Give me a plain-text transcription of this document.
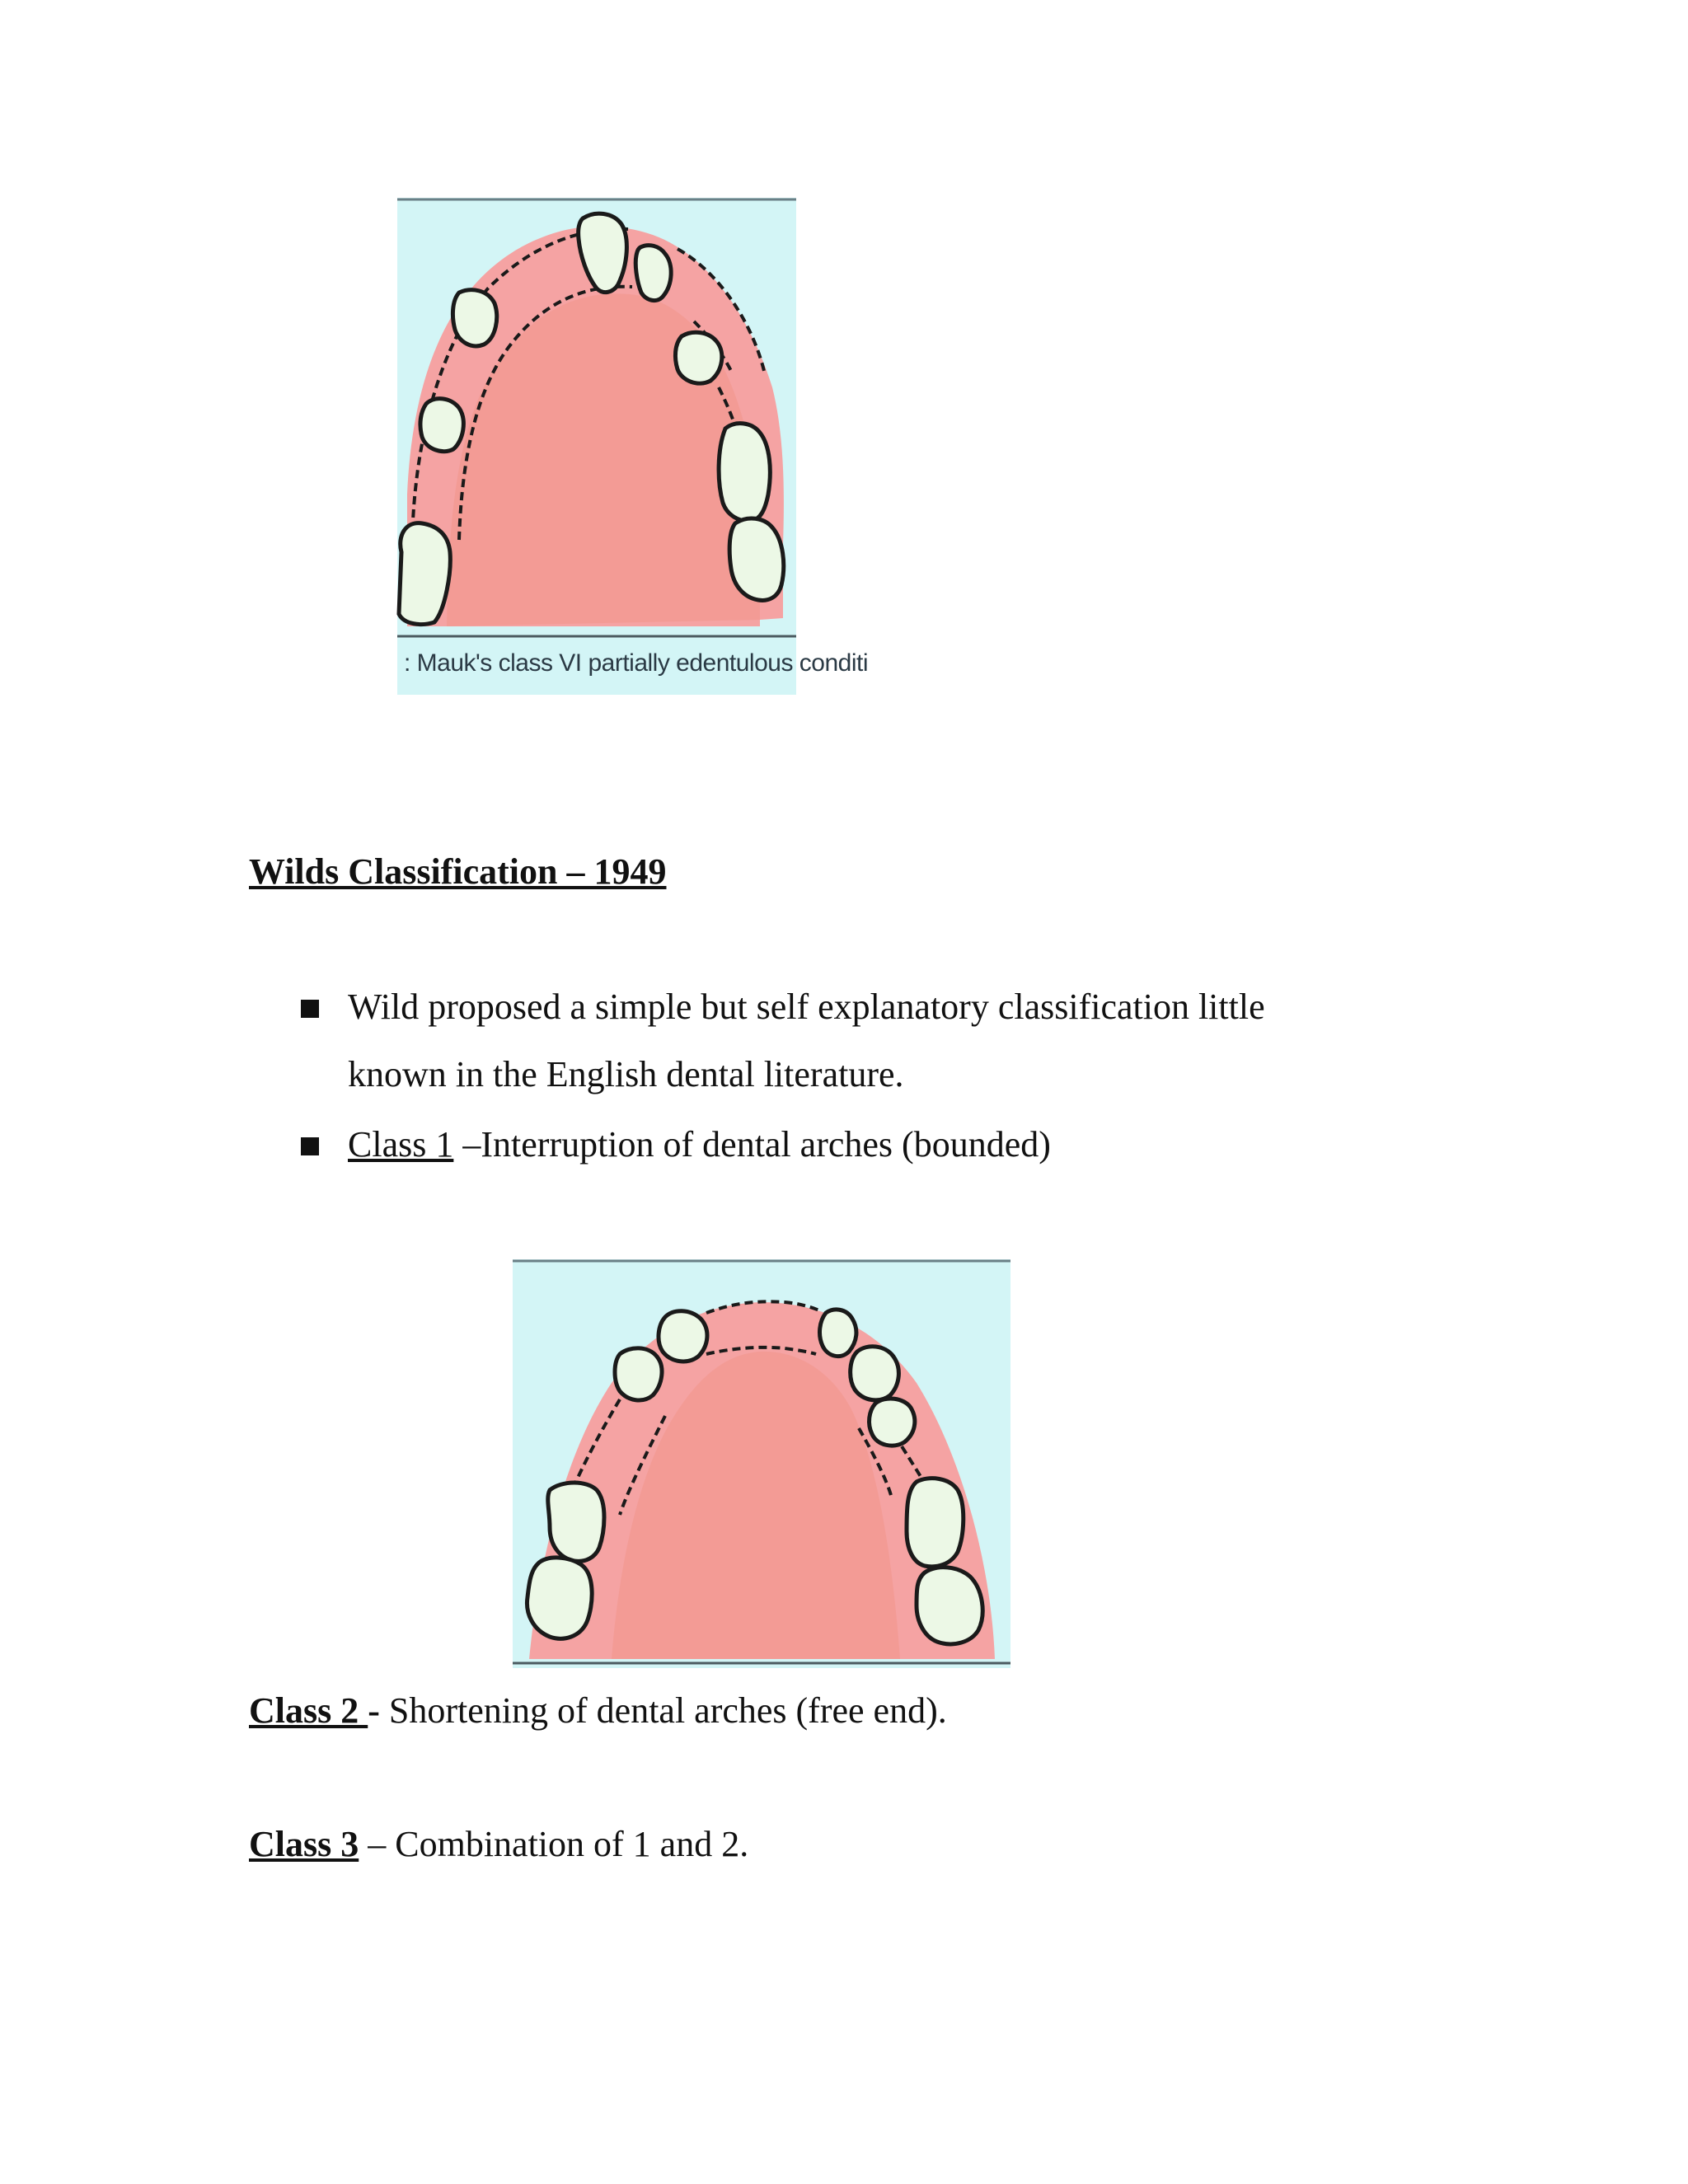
: Mauk's class VI partially edentulous conditi
Wilds Classification – 1949
Wild proposed a simple but self explanatory classification little
known in the English dental literature.
Class 1 –Interruption of dental arches (bounded)
Class 2 - Shortening of dental arches (free end).
Class 3 – Combination of 1 and 2.
